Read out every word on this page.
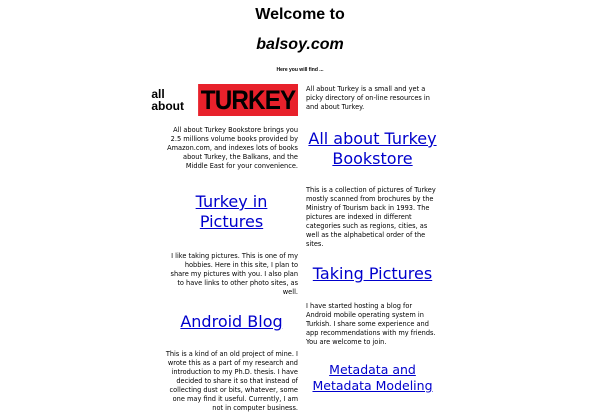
Welcome to
balsoy.com
Here you will find ...
all
about TURKEY	All about Turkey is a small and yet a picky directory of on-line resources in and about Turkey.
All about Turkey Bookstore brings you 2.5 millions volume books provided by Amazon.com, and indexes lots of books about Turkey, the Balkans, and the Middle East for your convenience.
All about Turkey Bookstore
Turkey in Pictures
This is a collection of pictures of Turkey mostly scanned from brochures by the Ministry of Tourism back in 1993. The pictures are indexed in different categories such as regions, cities, as well as the alphabetical order of the sites.
I like taking pictures. This is one of my hobbies. Here in this site, I plan to share my pictures with you. I also plan to have links to other photo sites, as well.
Taking Pictures
Android Blog
I have started hosting a blog for Android mobile operating system in Turkish. I share some experience and app recommendations with my friends. You are welcome to join.
This is a kind of an old project of mine. I wrote this as a part of my research and introduction to my Ph.D. thesis. I have decided to share it so that instead of collecting dust or bits, whatever, some one may find it useful. Currently, I am not in computer business.
Metadata and Metadata Modeling
